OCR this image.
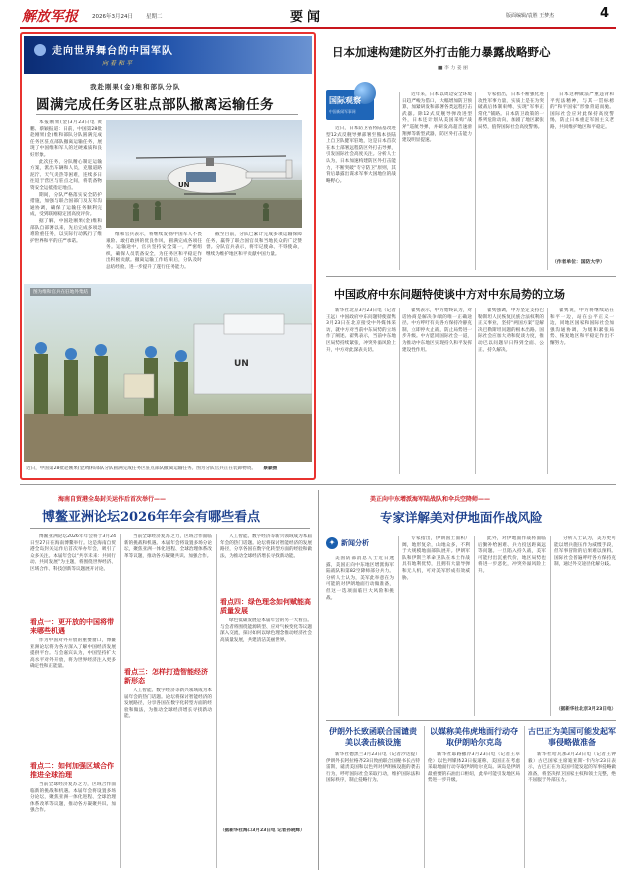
解放军报	2026年3月24日 星期二	要闻	版面编辑/袁胜 王梦杰	4
走向世界舞台的中国军队
向着和平
我赴刚果(金)维和部队分队
圆满完成任务区驻点部队撤离运输任务

本报刚果(金)3月23日电 黄鹏、蔡颖报道：日前，中国第28批赴刚果(金)维和部队分队圆满完成任务区驻点部队撤离运输任务，展现了中国维和军人的过硬素质和良好形象。

此次任务，分队精心制定运输方案，派出车辆和人员，克服道路泥泞、天气炎热等困难，连续多日往返于营区与驻点之间，将装备物资安全运抵指定地点。

期间，分队严格落实安全防护措施，加强与联合国部门及友军沟通协调，确保了运输任务顺利完成，受到联刚稳定团高度评价。

据了解，中国赴刚果(金)维和部队自部署以来，先后完成多项急难险重任务，以实际行动践行了维护世界和平的庄严承诺。

UN
维和官兵表示，将继续发扬中国军人不畏艰险、敢打敢拼的优良作风，圆满完成各项任务。运输途中，官兵坚持安全第一，严密组织，确保人员装备安全，为任务区和平稳定作出积极贡献。撤离运输工作结束后，分队及时总结经验，进一步提升了遂行任务能力。
截至目前，分队已累计完成多项运输保障任务，赢得了联合国官员和当地民众的广泛赞誉。分队官兵表示，将牢记使命、不辱使命，继续为维护地区和平贡献中国力量。
UN
图为维和官兵在驻地外集结
近日，中国第28批赴刚果(金)维和部队分队圆满完成任务区驻点部队撤离运输任务。图为分队官兵正在装卸物资。 蔡颖摄
日本加速构建防区外打击能力暴露战略野心
■ 李 力 姜 丽
国际观察
中国新闻军事网
近日，日本防卫省将陆基改进型12式反舰导弹部署至熊本县陆上自卫队健军驻地，这是日本首次在本土部署远程防区外打击导弹，引发国际社会高度关注。分析人士认为，日本加速构建防区外打击能力，不断突破“专守防卫”原则，其背后暴露出谋求军事大国地位的战略野心。
近年来，日本以周边安全环境日趋严峻为借口，大幅增加防卫预算，加紧研发和部署各类远程打击武器。除12式反舰导弹改进型外，日本还计划从美国采购“战斧”巡航导弹，并研发高超音速滑翔弹等新型武器，防区外打击能力建设明显提速。
专家指出，日本不断强化进攻性军事力量，实质上是在为突破战后体制束缚、实现“军事正常化”铺路。日本防卫政策的一系列危险动向，加剧了地区紧张局势，值得国际社会高度警惕。
日本这种做法严重违背和平宪法精神，与其一贯标榜的“和平国家”形象背道而驰。国际社会应对此保持高度警惕，防止日本重走军国主义老路，共同维护地区和平稳定。
（作者单位：国防大学）
中国政府中东问题特使谈中方对中东局势的立场
新华社北京3月23日电（记者王远）中国政府中东问题特使翟隽3月23日在北京接受中外媒体采访，就中方对当前中东局势的立场作了阐述。翟隽表示，当前中东地区局势持续紧张，冲突外溢风险上升，中方对此深表关切。
翟隽表示，中方始终认为，对话协商是解决争端的唯一正确途径。中方呼吁有关各方保持冷静克制，立即停火止战，防止局势进一步升级。中方愿同国际社会一道，为推动中东地区实现持久和平发挥建设性作用。
翟隽强调，中方坚定支持巴勒斯坦人民恢复民族合法权利的正义事业，坚持“两国方案”是解决巴勒斯坦问题的根本出路。国际社会应加大劝和促谈力度，推动巴以问题早日得到全面、公正、持久解决。
翟隽说，中方将继续站在和平一边，站在公平正义一边，同地区国家和国际社会加强沟通协调，为缓和紧张局势、恢复地区和平稳定作出不懈努力。
海南自贸港全岛封关运作后首次举行——
博鳌亚洲论坛2026年年会有哪些看点
博鳌亚洲论坛2026年年会将于3月24日至27日在海南博鳌举行。这是海南自贸港全岛封关运作后首次举办年会，吸引了众多关注。本届年会以“共享未来：共同行动、共同发展”为主题，将围绕世界经济、区域合作、科技创新等议题展开讨论。
看点一：更开放的中国将带来哪些机遇
作为中国对外开放的重要窗口，博鳌亚洲论坛将为各方深入了解中国经济发展提供平台。与会嘉宾认为，中国坚持扩大高水平对外开放，将为世界经济注入更多确定性和正能量。
看点二：如何加强区域合作推进全球治理
当前全球经济复苏乏力，区域合作面临新的挑战和机遇。本届年会将设置多场分论坛，聚焦亚洲一体化进程、全球治理体系改革等议题，推动各方凝聚共识、加强合作。
当前全球经济复苏乏力，区域合作面临新的挑战和机遇。本届年会将设置多场分论坛，聚焦亚洲一体化进程、全球治理体系改革等议题，推动各方凝聚共识、加强合作。
看点三：怎样打造智能经济新形态
人工智能、数字经济等新兴领域成为本届年会的热门话题。论坛将探讨智能经济的发展路径，分享各国在数字化转型方面的经验和做法，为推动全球经济增长寻找新动能。
人工智能、数字经济等新兴领域成为本届年会的热门话题。论坛将探讨智能经济的发展路径，分享各国在数字化转型方面的经验和做法，为推动全球经济增长寻找新动能。
看点四：绿色理念如何赋能高质量发展
绿色低碳发展是本届年会的另一大看点。与会者将围绕能源转型、应对气候变化等议题深入交流，探讨如何以绿色理念推动经济社会高质量发展，共建清洁美丽世界。
（据新华社海口3月23日电 记者孙晓辉）
美正向中东增派海军陆战队和伞兵空降师——
专家详解美对伊地面作战风险
✦ 新闻分析
美国防部消息人士近日透露，美国正向中东地区增派海军陆战队和第82空降师部分兵力。分析人士认为，美军此举意在为可能的对伊朗地面行动做准备，但这一选项面临巨大风险和挑战。
专家指出，伊朗国土面积广阔，地形复杂，山地众多，不利于大规模地面部队展开。伊朗军队和伊斯兰革命卫队在本土作战具有地利优势，且拥有大量导弹和无人机，可对美军形成有效威胁。
此外，对伊地面作战将面临后勤补给困难、兵力投送距离远等问题。一旦陷入持久战，美军可能付出沉重代价，地区局势也将进一步恶化，冲突外溢风险上升。
分析人士认为，美方更可能以增兵施压作为威慑手段，但军事冒险的后果难以预料。国际社会普遍呼吁各方保持克制，通过外交途径化解分歧。
（据新华社北京3月23日电）
伊朗外长致函联合国谴责美以袭击核设施
新华社德黑兰3月23日电（记者沙达提）伊朗外长阿拉格齐23日致函联合国秘书长古特雷斯，谴责美国和以色列对伊朗核设施的袭击行为，呼吁国际社会采取行动，维护国际法和国际秩序，制止侵略行为。
以媒称美伟虎地面行动夺取伊朗哈尔克岛
新华社耶路撒冷3月23日电（记者王卓伦）以色列媒体23日报道称，美国正在考虑采取地面行动夺取伊朗哈尔克岛。该岛是伊朗最重要的石油出口枢纽，此举可能引发地区局势进一步升级。
古巴正为美国可能发起军事侵略做准备
新华社哈瓦那3月23日电（记者王钟毅）古巴国家主席迪亚斯-卡内尔23日表示，古巴正在为美国可能发起的军事侵略做准备，将坚决捍卫国家主权和领土完整，绝不屈服于外部压力。
